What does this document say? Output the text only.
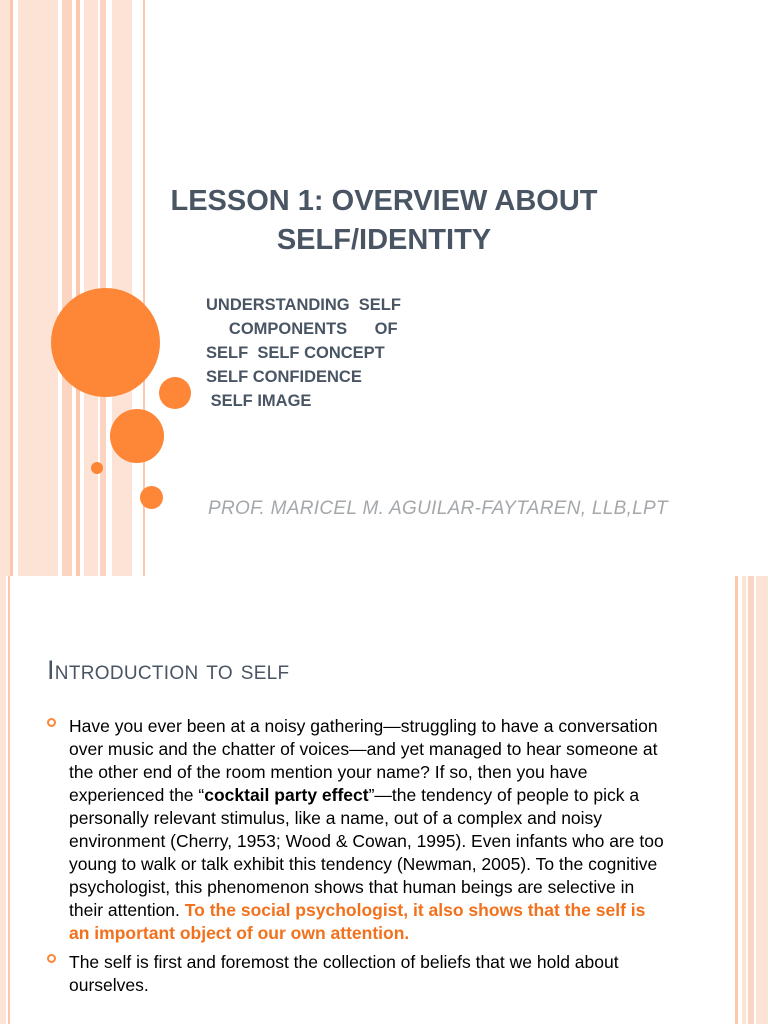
LESSON 1: OVERVIEW ABOUT
SELF/IDENTITY
UNDERSTANDING  SELF
COMPONENTS      OF
SELF  SELF CONCEPT
SELF CONFIDENCE
SELF IMAGE
PROF. MARICEL M. AGUILAR-FAYTAREN, LLB,LPT
Introduction to self
Have you ever been at a noisy gathering—struggling to have a conversation over music and the chatter of voices—and yet managed to hear someone at the other end of the room mention your name? If so, then you have experienced the “cocktail party effect”—the tendency of people to pick a personally relevant stimulus, like a name, out of a complex and noisy environment (Cherry, 1953; Wood & Cowan, 1995). Even infants who are too young to walk or talk exhibit this tendency (Newman, 2005). To the cognitive psychologist, this phenomenon shows that human beings are selective in their attention. To the social psychologist, it also shows that the self is an important object of our own attention.
The self is first and foremost the collection of beliefs that we hold about ourselves.
